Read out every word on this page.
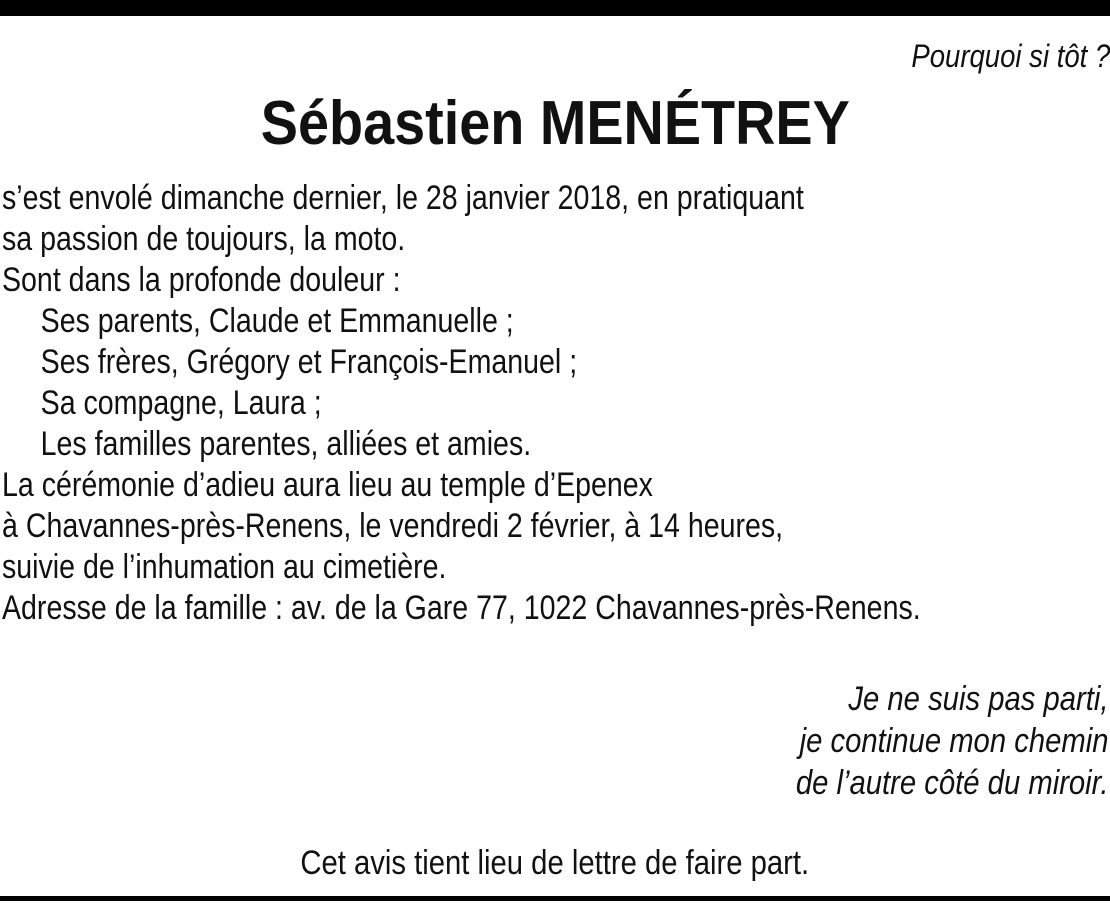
Pourquoi si tôt ?
Sébastien MENÉTREY
s’est envolé dimanche dernier, le 28 janvier 2018, en pratiquant
sa passion de toujours, la moto.
Sont dans la profonde douleur :
Ses parents, Claude et Emmanuelle ;
Ses frères, Grégory et François-Emanuel ;
Sa compagne, Laura ;
Les familles parentes, alliées et amies.
La cérémonie d’adieu aura lieu au temple d’Epenex
à Chavannes-près-Renens, le vendredi 2 février, à 14 heures,
suivie de l’inhumation au cimetière.
Adresse de la famille : av. de la Gare 77, 1022 Chavannes-près-Renens.
Je ne suis pas parti,
je continue mon chemin
de l’autre côté du miroir.
Cet avis tient lieu de lettre de faire part.
